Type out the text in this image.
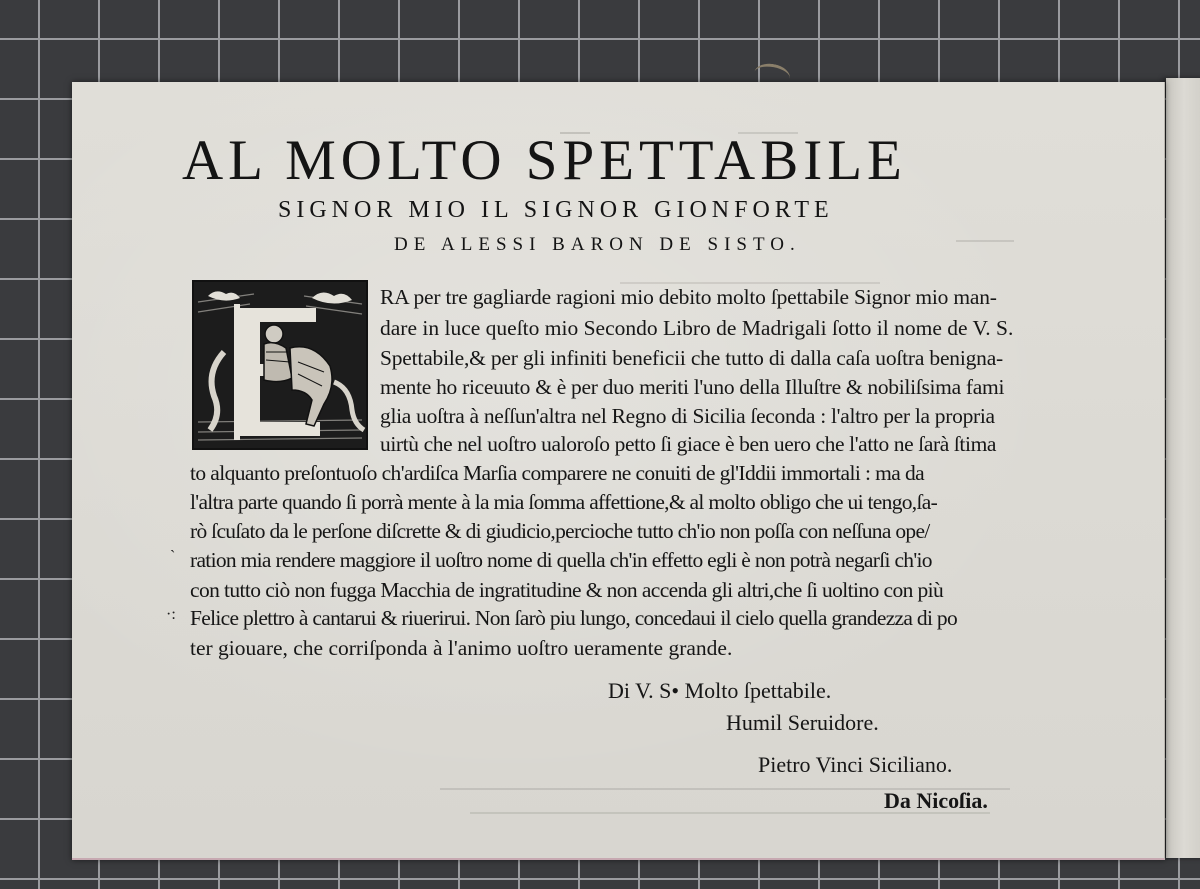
AL MOLTO SPETTABILE
SIGNOR MIO IL SIGNOR GIONFORTE
DE ALESSI BARON DE SISTO.
RA per tre gagliarde ragioni mio debito molto ſpettabile Signor mio man-
dare in luce queſto mio Secondo Libro de Madrigali ſotto il nome de V. S.
Spettabile,& per gli infiniti beneficii che tutto di dalla caſa uoſtra benigna-
mente ho riceuuto & è per duo meriti l'uno della Illuſtre & nobiliſsima fami
glia uoſtra à neſſun'altra nel Regno di Sicilia ſeconda : l'altro per la propria
uirtù che nel uoſtro ualoroſo petto ſi giace è ben uero che l'atto ne ſarà ſtima
to alquanto preſontuoſo ch'ardiſca Marſia comparere ne conuiti de gl'Iddii immortali : ma da
l'altra parte quando ſi porrà mente à la mia ſomma affettione,& al molto obligo che ui tengo,ſa-
rò ſcuſato da le perſone diſcrette & di giudicio,percioche tutto ch'io non poſſa con neſſuna ope/
ration mia rendere maggiore il uoſtro nome di quella ch'in effetto egli è non potrà negarſi ch'io
con tutto ciò non fugga Macchia de ingratitudine & non accenda gli altri,che ſi uoltino con più
Felice plettro à cantarui & riuerirui. Non ſarò piu lungo, concedaui il cielo quella grandezza di po
ter giouare, che corriſponda à l'animo uoſtro ueramente grande.
ˎ
·:
Di V. S• Molto ſpettabile.
Humil Seruidore.
Pietro Vinci Siciliano.
Da Nicoſia.
